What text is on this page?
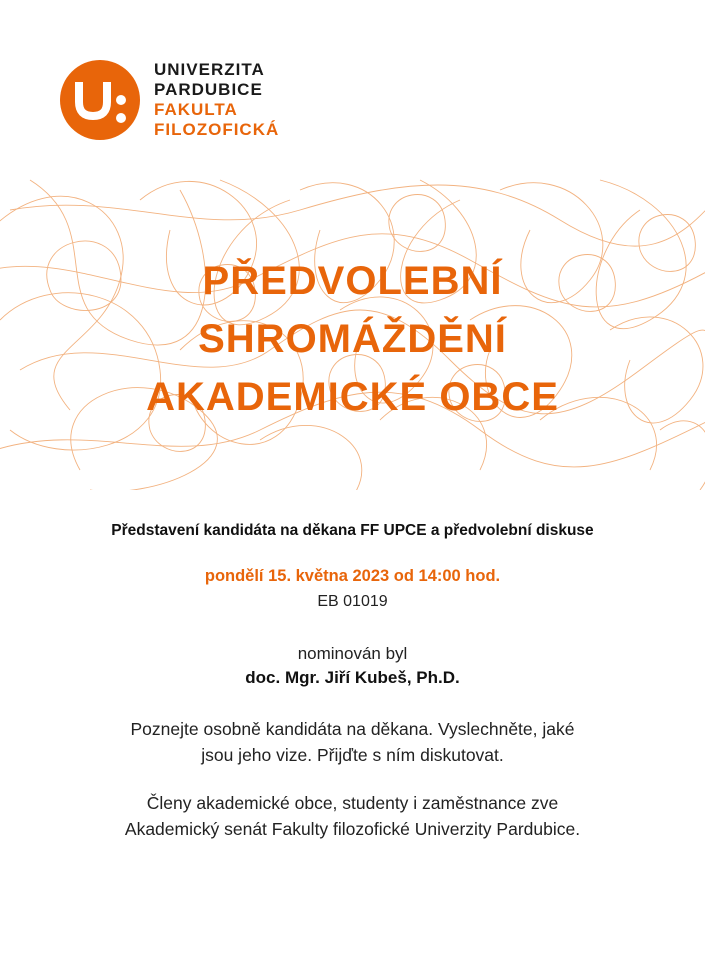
UNIVERZITA
PARDUBICE
FAKULTA
FILOZOFICKÁ
PŘEDVOLEBNÍ
SHROMÁŽDĚNÍ
AKADEMICKÉ OBCE
Představení kandidáta na děkana FF UPCE a předvolební diskuse
pondělí 15. května 2023 od 14:00 hod.
EB 01019
nominován byl
doc. Mgr. Jiří Kubeš, Ph.D.
Poznejte osobně kandidáta na děkana. Vyslechněte, jaké
jsou jeho vize. Přijďte s ním diskutovat.
Členy akademické obce, studenty i zaměstnance zve
Akademický senát Fakulty filozofické Univerzity Pardubice.
